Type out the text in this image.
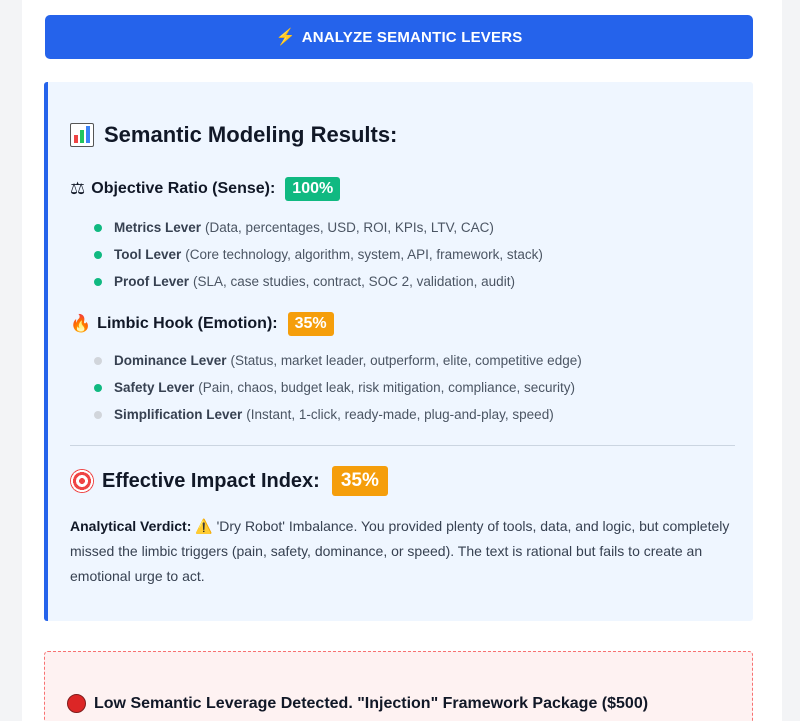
⚡ ANALYZE SEMANTIC LEVERS
Semantic Modeling Results:
⚖ Objective Ratio (Sense):	100%
Metrics Lever (Data, percentages, USD, ROI, KPIs, LTV, CAC)
Tool Lever (Core technology, algorithm, system, API, framework, stack)
Proof Lever (SLA, case studies, contract, SOC 2, validation, audit)
🔥 Limbic Hook (Emotion):	35%
Dominance Lever (Status, market leader, outperform, elite, competitive edge)
Safety Lever (Pain, chaos, budget leak, risk mitigation, compliance, security)
Simplification Lever (Instant, 1-click, ready-made, plug-and-play, speed)
Effective Impact Index:	35%

Analytical Verdict: ⚠️ 'Dry Robot' Imbalance. You provided plenty of tools, data, and logic, but completely missed the limbic triggers (pain, safety, dominance, or speed). The text is rational but fails to create an emotional urge to act.

Low Semantic Leverage Detected. "Injection" Framework Package ($500)
